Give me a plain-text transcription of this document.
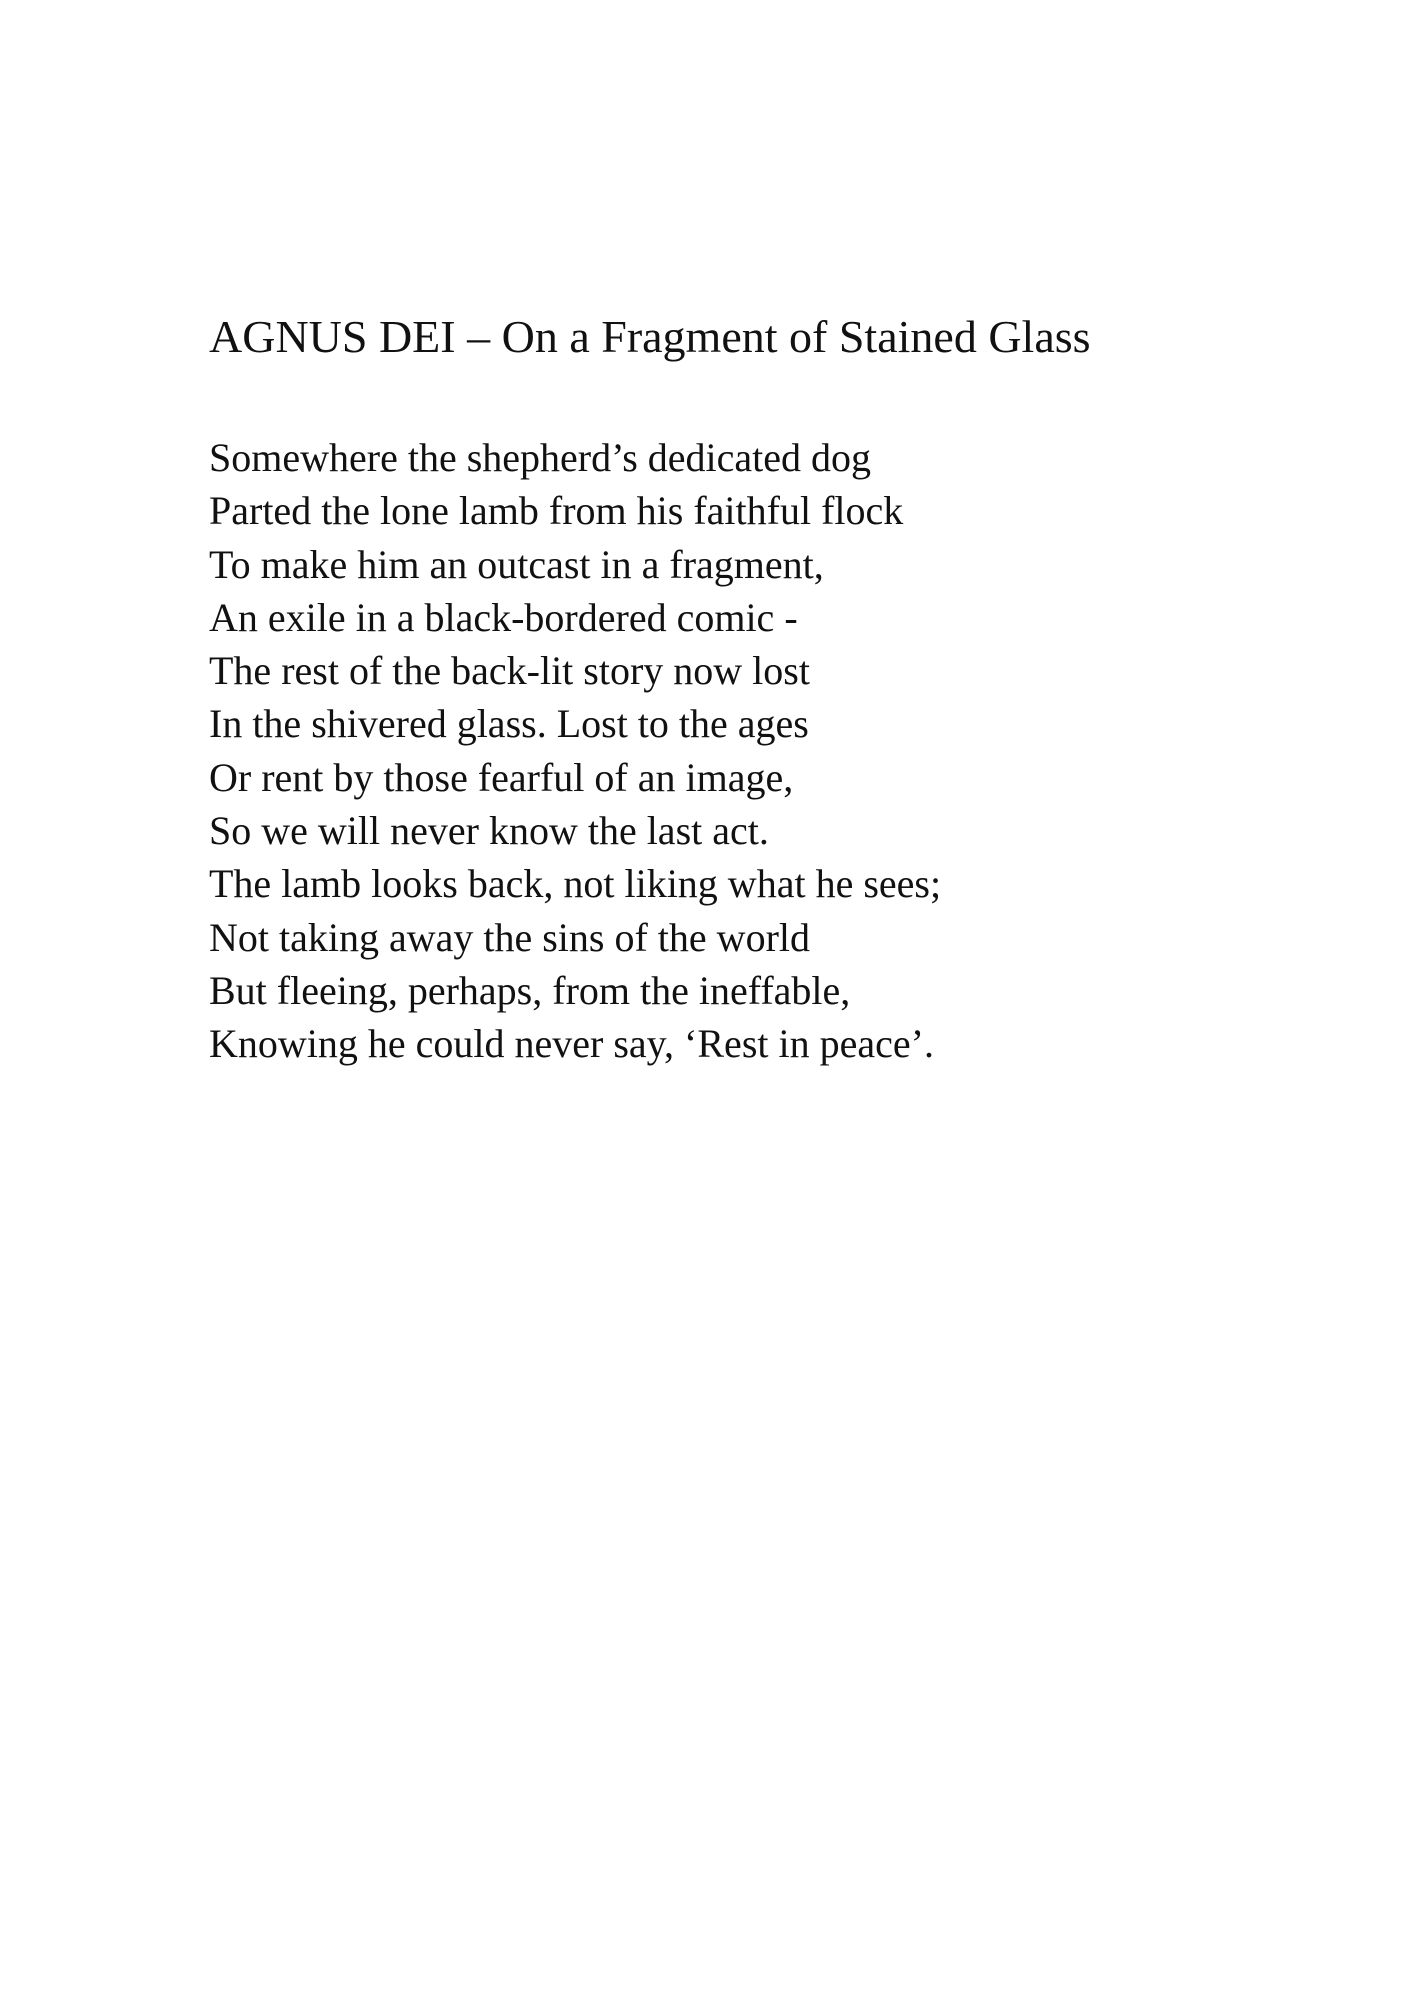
AGNUS DEI – On a Fragment of Stained Glass
Somewhere the shepherd’s dedicated dog
Parted the lone lamb from his faithful flock
To make him an outcast in a fragment,
An exile in a black-bordered comic -
The rest of the back-lit story now lost
In the shivered glass. Lost to the ages
Or rent by those fearful of an image,
So we will never know the last act.
The lamb looks back, not liking what he sees;
Not taking away the sins of the world
But fleeing, perhaps, from the ineffable,
Knowing he could never say, ‘Rest in peace’.
